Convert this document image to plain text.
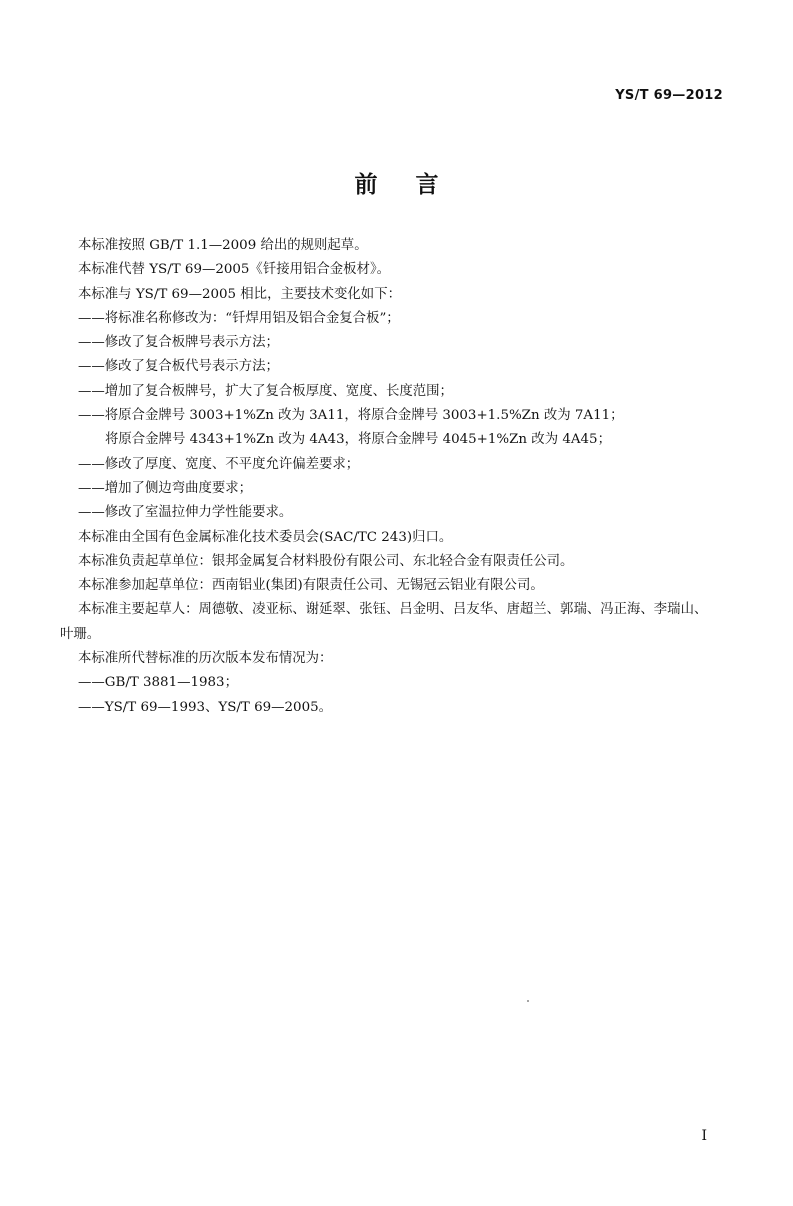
YS/T 69—2012
前言
本标准按照 GB/T 1.1—2009 给出的规则起草。
本标准代替 YS/T 69—2005《钎接用铝合金板材》。
本标准与 YS/T 69—2005 相比，主要技术变化如下：
——将标准名称修改为：“钎焊用铝及铝合金复合板”；
——修改了复合板牌号表示方法；
——修改了复合板代号表示方法；
——增加了复合板牌号，扩大了复合板厚度、宽度、长度范围；
——将原合金牌号 3003+1%Zn 改为 3A11，将原合金牌号 3003+1.5%Zn 改为 7A11；
将原合金牌号 4343+1%Zn 改为 4A43，将原合金牌号 4045+1%Zn 改为 4A45；
——修改了厚度、宽度、不平度允许偏差要求；
——增加了侧边弯曲度要求；
——修改了室温拉伸力学性能要求。
本标准由全国有色金属标准化技术委员会(SAC/TC 243)归口。
本标准负责起草单位：银邦金属复合材料股份有限公司、东北轻合金有限责任公司。
本标准参加起草单位：西南铝业(集团)有限责任公司、无锡冠云铝业有限公司。
本标准主要起草人：周德敬、凌亚标、谢延翠、张钰、吕金明、吕友华、唐超兰、郭瑞、冯正海、李瑞山、
叶珊。
本标准所代替标准的历次版本发布情况为：
——GB/T 3881—1983；
——YS/T 69—1993、YS/T 69—2005。
I
